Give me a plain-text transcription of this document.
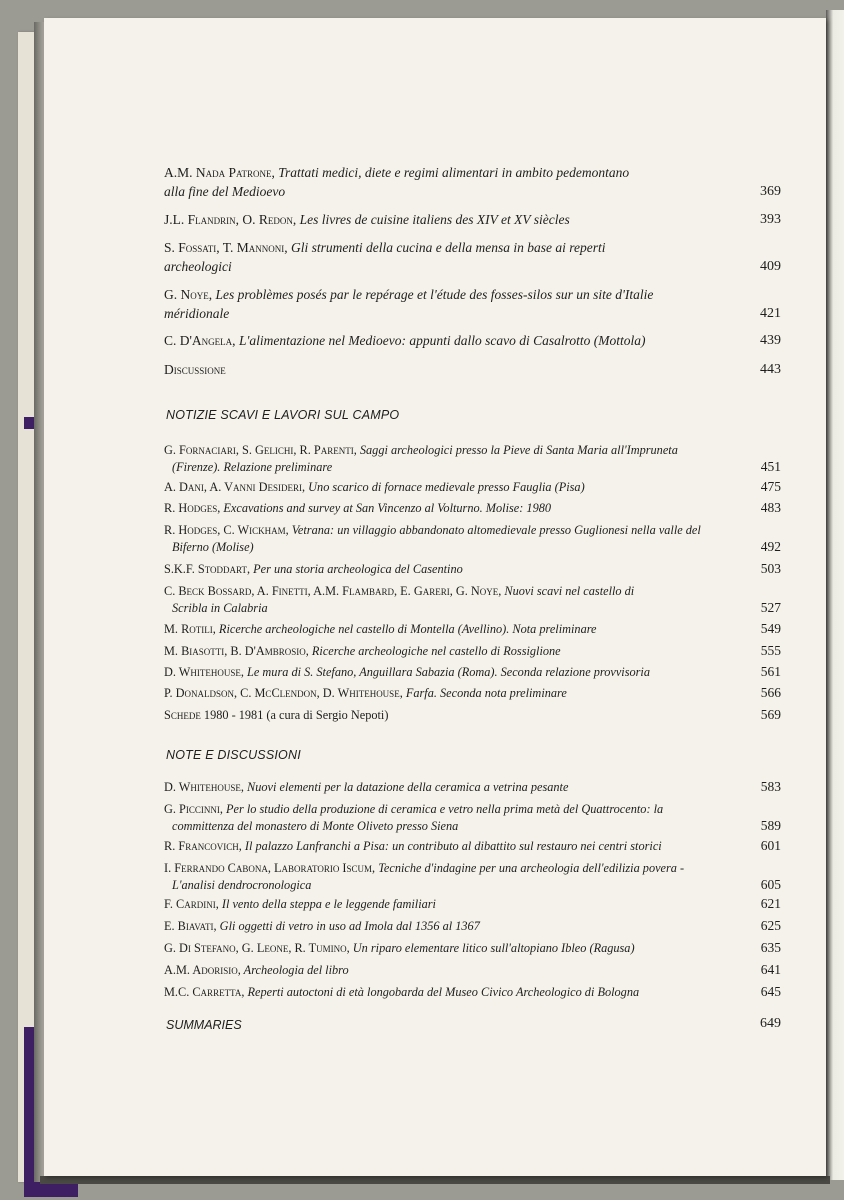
A.M. Nada Patrone, Trattati medici, diete e regimi alimentari in ambito pedemontano
alla fine del Medioevo	369
J.L. Flandrin, O. Redon, Les livres de cuisine italiens des XIV et XV siècles	393
S. Fossati, T. Mannoni, Gli strumenti della cucina e della mensa in base ai reperti
archeologici	409
G. Noye, Les problèmes posés par le repérage et l'étude des fosses-silos sur un site d'Italie
méridionale	421
C. D'Angela, L'alimentazione nel Medioevo: appunti dallo scavo di Casalrotto (Mottola)	439
Discussione	443
NOTIZIE SCAVI E LAVORI SUL CAMPO
G. Fornaciari, S. Gelichi, R. Parenti, Saggi archeologici presso la Pieve di Santa Maria all'Impruneta
(Firenze). Relazione preliminare	451
A. Dani, A. Vanni Desideri, Uno scarico di fornace medievale presso Fauglia (Pisa)	475
R. Hodges, Excavations and survey at San Vincenzo al Volturno. Molise: 1980	483
R. Hodges, C. Wickham, Vetrana: un villaggio abbandonato altomedievale presso Guglionesi nella valle del
Biferno (Molise)	492
S.K.F. Stoddart, Per una storia archeologica del Casentino	503
C. Beck Bossard, A. Finetti, A.M. Flambard, E. Gareri, G. Noye, Nuovi scavi nel castello di
Scribla in Calabria	527
M. Rotili, Ricerche archeologiche nel castello di Montella (Avellino). Nota preliminare	549
M. Biasotti, B. D'Ambrosio, Ricerche archeologiche nel castello di Rossiglione	555
D. Whitehouse, Le mura di S. Stefano, Anguillara Sabazia (Roma). Seconda relazione provvisoria	561
P. Donaldson, C. McClendon, D. Whitehouse, Farfa. Seconda nota preliminare	566
Schede 1980 - 1981 (a cura di Sergio Nepoti)	569
NOTE E DISCUSSIONI
D. Whitehouse, Nuovi elementi per la datazione della ceramica a vetrina pesante	583
G. Piccinni, Per lo studio della produzione di ceramica e vetro nella prima metà del Quattrocento: la
committenza del monastero di Monte Oliveto presso Siena	589
R. Francovich, Il palazzo Lanfranchi a Pisa: un contributo al dibattito sul restauro nei centri storici	601
I. Ferrando Cabona, Laboratorio Iscum, Tecniche d'indagine per una archeologia dell'edilizia povera -
L'analisi dendrocronologica	605
F. Cardini, Il vento della steppa e le leggende familiari	621
E. Biavati, Gli oggetti di vetro in uso ad Imola dal 1356 al 1367	625
G. Di Stefano, G. Leone, R. Tumino, Un riparo elementare litico sull'altopiano Ibleo (Ragusa)	635
A.M. Adorisio, Archeologia del libro	641
M.C. Carretta, Reperti autoctoni di età longobarda del Museo Civico Archeologico di Bologna	645
SUMMARIES	649
